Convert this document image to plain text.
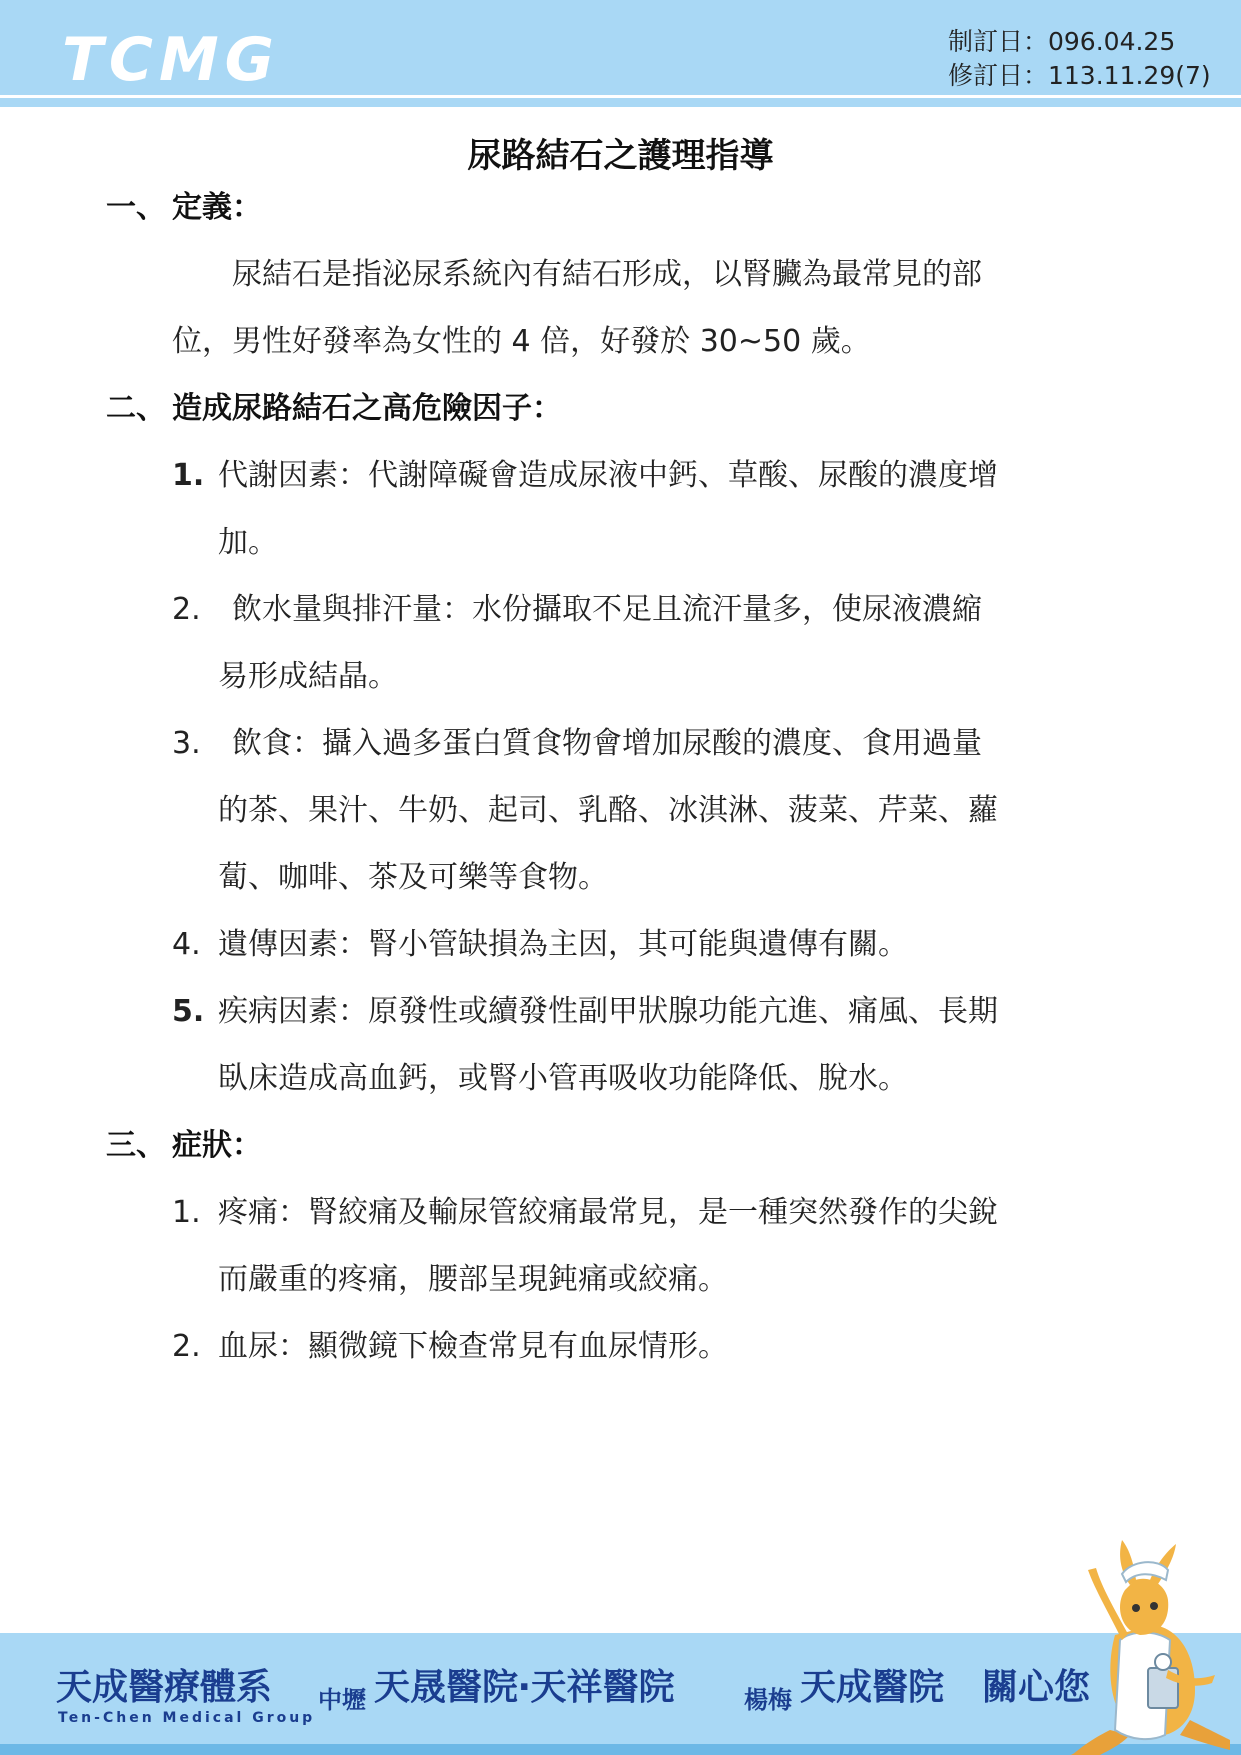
TCMG	制訂日：096.04.25
修訂日：113.11.29(7)
尿路結石之護理指導
一、 定義：
尿結石是指泌尿系統內有結石形成，以腎臟為最常見的部
位，男性好發率為女性的 4 倍，好發於 30~50 歲。
二、 造成尿路結石之高危險因子：
1. 代謝因素：代謝障礙會造成尿液中鈣、草酸、尿酸的濃度增
加。
2. 飲水量與排汗量：水份攝取不足且流汗量多，使尿液濃縮
易形成結晶。
3. 飲食：攝入過多蛋白質食物會增加尿酸的濃度、食用過量
的茶、果汁、牛奶、起司、乳酪、冰淇淋、菠菜、芹菜、蘿
蔔、咖啡、茶及可樂等食物。
4. 遺傳因素：腎小管缺損為主因，其可能與遺傳有關。
5. 疾病因素：原發性或續發性副甲狀腺功能亢進、痛風、長期
臥床造成高血鈣，或腎小管再吸收功能降低、脫水。
三、 症狀：
1. 疼痛：腎絞痛及輸尿管絞痛最常見，是一種突然發作的尖銳
而嚴重的疼痛，腰部呈現鈍痛或絞痛。
2. 血尿：顯微鏡下檢查常見有血尿情形。
天成醫療體系
Ten-Chen Medical Group
中壢 天晟醫院‧天祥醫院	楊梅 天成醫院 關心您
